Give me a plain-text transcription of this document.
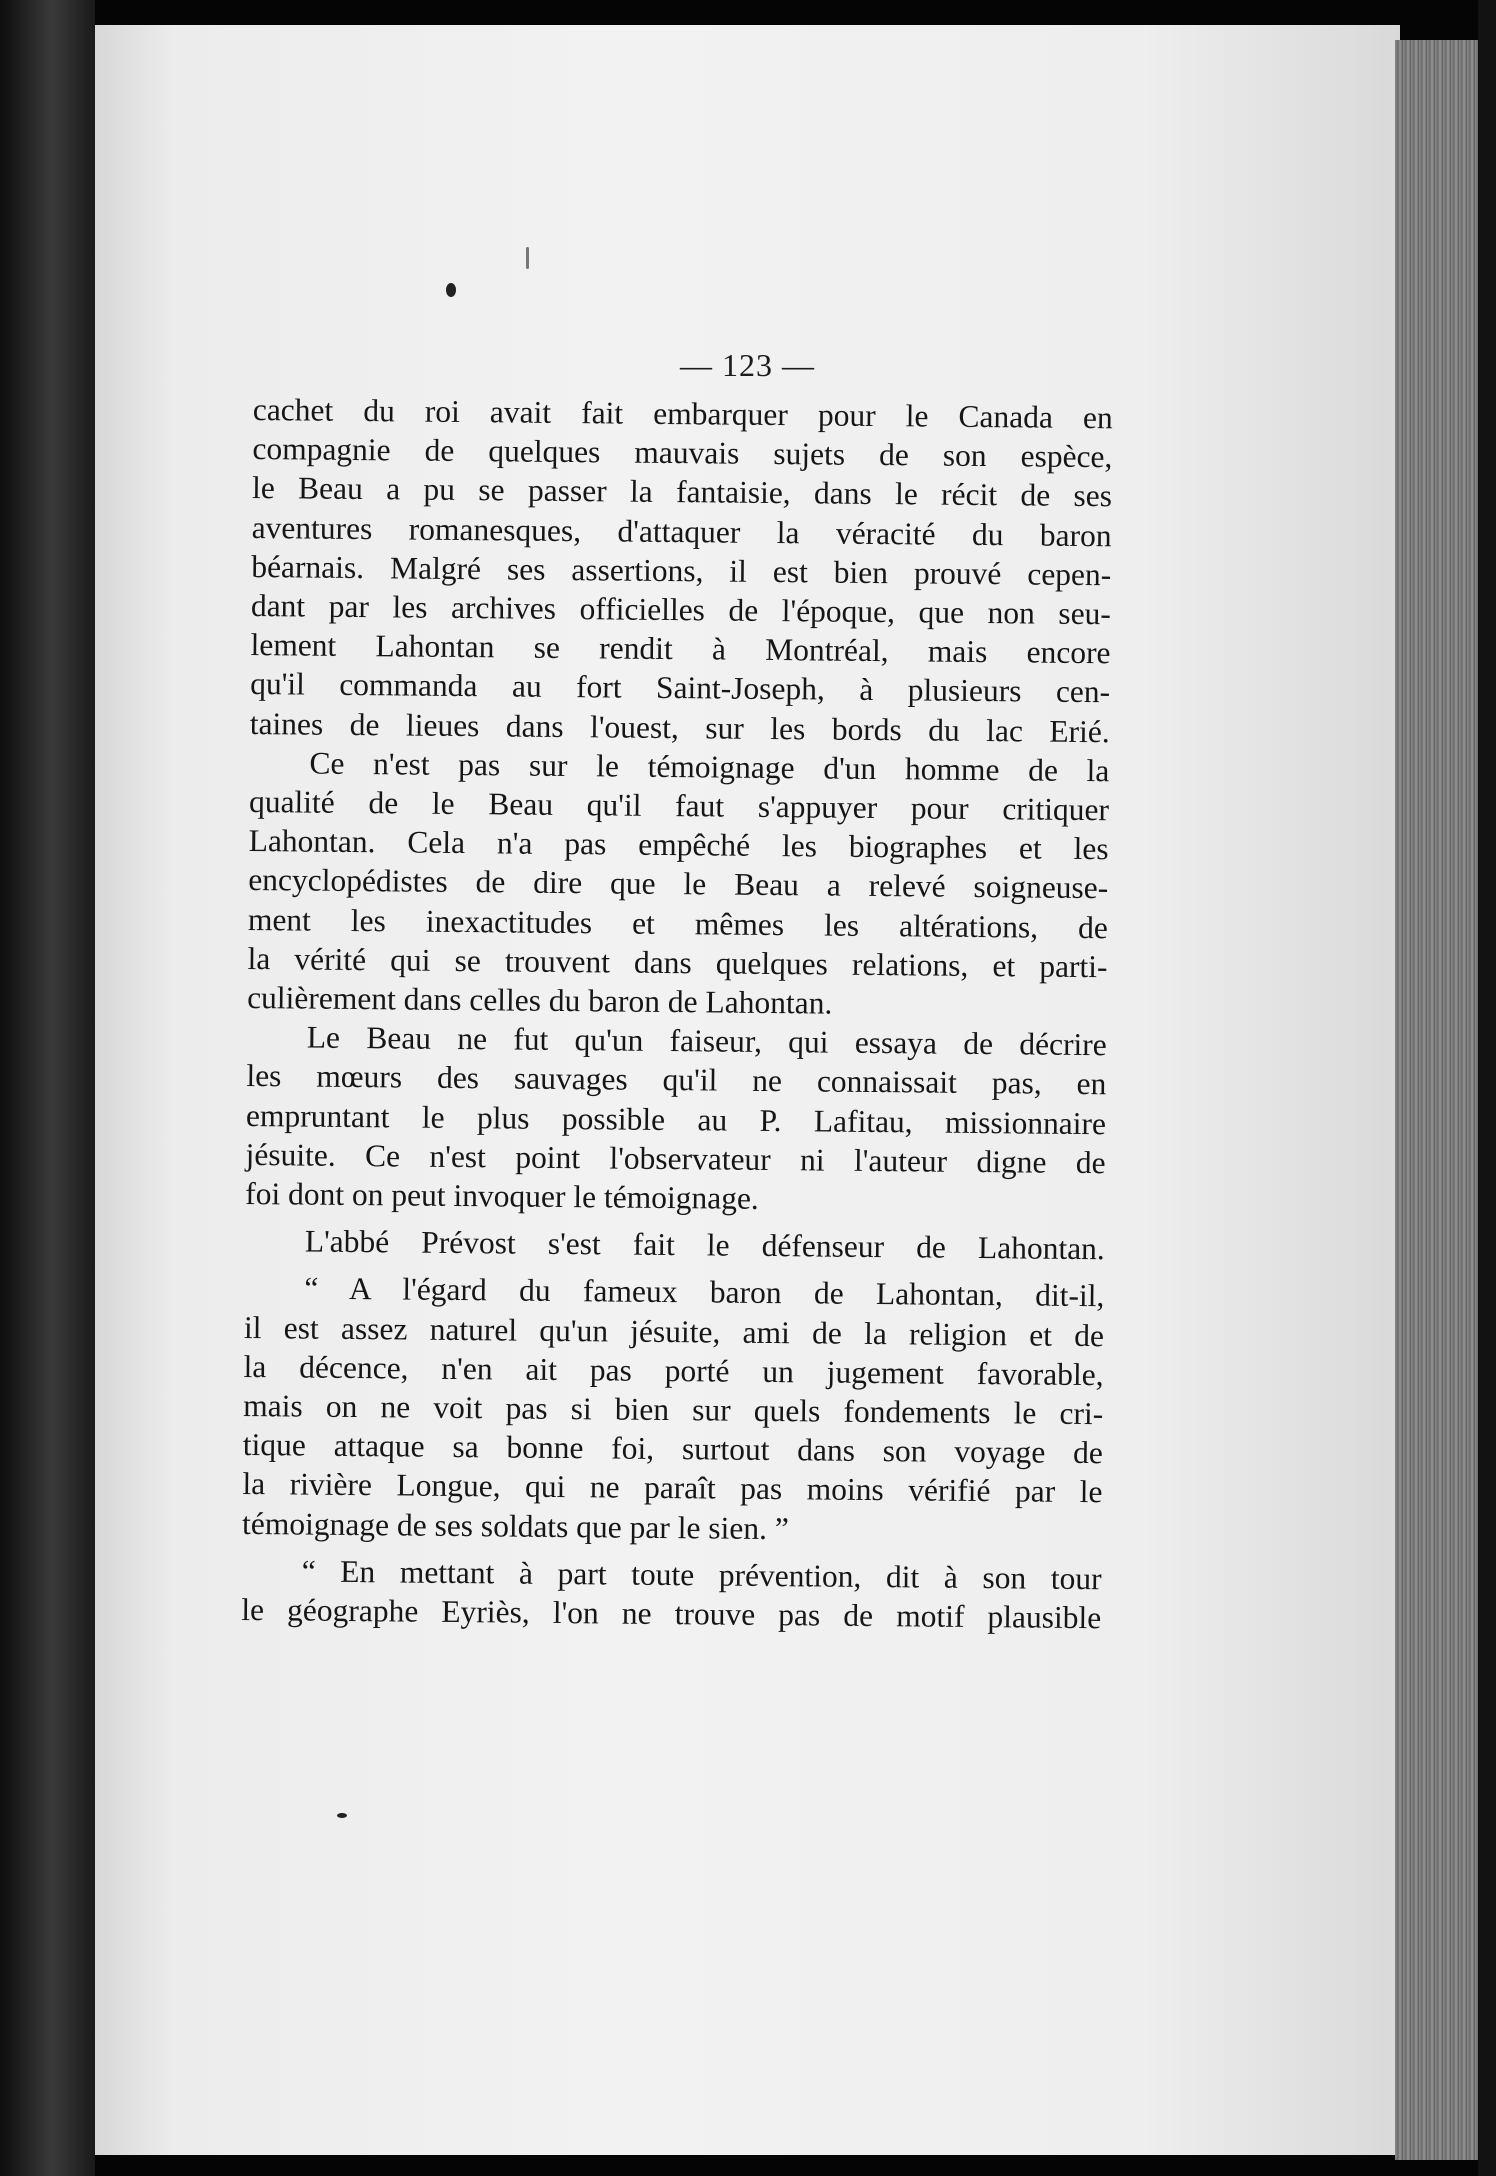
— 123 —
cachet du roi avait fait embarquer pour le Canada en
compagnie de quelques mauvais sujets de son espèce,
le Beau a pu se passer la fantaisie, dans le récit de ses
aventures romanesques, d'attaquer la véracité du baron
béarnais. Malgré ses assertions, il est bien prouvé cepen-
dant par les archives officielles de l'époque, que non seu-
lement Lahontan se rendit à Montréal, mais encore
qu'il commanda au fort Saint-Joseph, à plusieurs cen-
taines de lieues dans l'ouest, sur les bords du lac Erié.
Ce n'est pas sur le témoignage d'un homme de la
qualité de le Beau qu'il faut s'appuyer pour critiquer
Lahontan. Cela n'a pas empêché les biographes et les
encyclopédistes de dire que le Beau a relevé soigneuse-
ment les inexactitudes et mêmes les altérations, de
la vérité qui se trouvent dans quelques relations, et parti-
culièrement dans celles du baron de Lahontan.
Le Beau ne fut qu'un faiseur, qui essaya de décrire
les mœurs des sauvages qu'il ne connaissait pas, en
empruntant le plus possible au P. Lafitau, missionnaire
jésuite. Ce n'est point l'observateur ni l'auteur digne de
foi dont on peut invoquer le témoignage.
L'abbé Prévost s'est fait le défenseur de Lahontan.
“ A l'égard du fameux baron de Lahontan, dit-il,
il est assez naturel qu'un jésuite, ami de la religion et de
la décence, n'en ait pas porté un jugement favorable,
mais on ne voit pas si bien sur quels fondements le cri-
tique attaque sa bonne foi, surtout dans son voyage de
la rivière Longue, qui ne paraît pas moins vérifié par le
témoignage de ses soldats que par le sien. ”
“ En mettant à part toute prévention, dit à son tour
le géographe Eyriès, l'on ne trouve pas de motif plausible
